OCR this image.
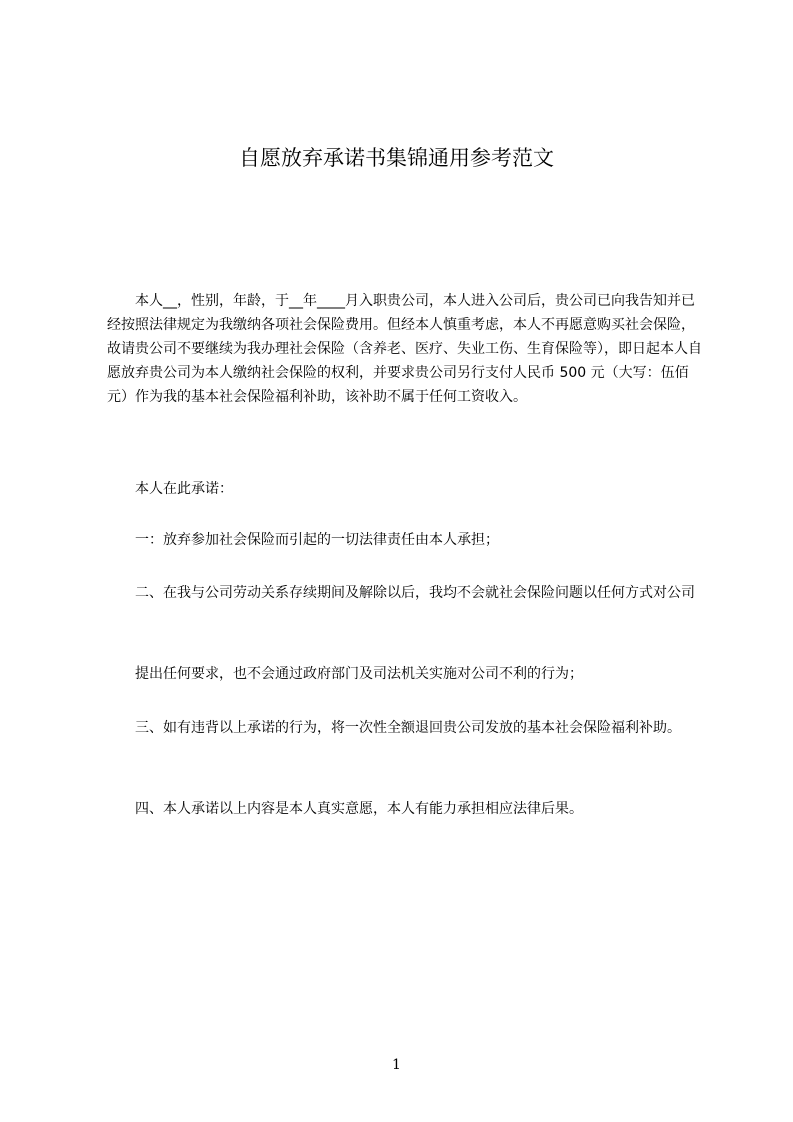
自愿放弃承诺书集锦通用参考范文

本人__，性别，年龄，于__年____月入职贵公司，本人进入公司后，贵公司已向我告知并已经按照法律规定为我缴纳各项社会保险费用。但经本人慎重考虑，本人不再愿意购买社会保险，故请贵公司不要继续为我办理社会保险（含养老、医疗、失业工伤、生育保险等），即日起本人自愿放弃贵公司为本人缴纳社会保险的权利，并要求贵公司另行支付人民币 500 元（大写：伍佰元）作为我的基本社会保险福利补助，该补助不属于任何工资收入。

本人在此承诺：

一：放弃参加社会保险而引起的一切法律责任由本人承担；

二、在我与公司劳动关系存续期间及解除以后，我均不会就社会保险问题以任何方式对公司

提出任何要求，也不会通过政府部门及司法机关实施对公司不利的行为；

三、如有违背以上承诺的行为，将一次性全额退回贵公司发放的基本社会保险福利补助。

四、本人承诺以上内容是本人真实意愿，本人有能力承担相应法律后果。

1
